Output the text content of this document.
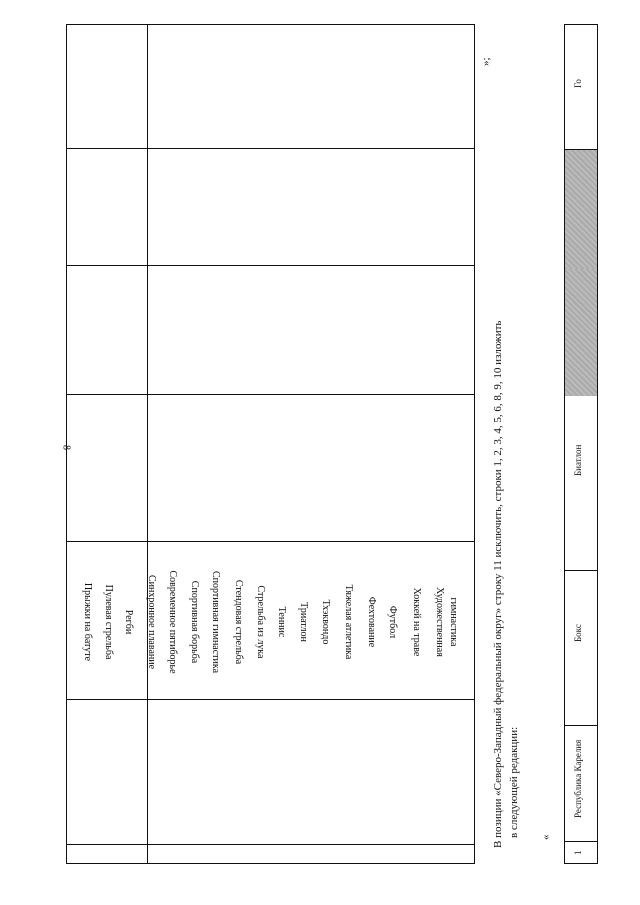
8
Прыжки на батуте Пулевая стрельба Регби Синхронное плавание Современное пятиборье Спортивная борьба Спортивная гимнастика Стендовая стрельба Стрельба из лука Теннис Триатлон Тхэквондо Тяжелая атлетика Фехтование Футбол Хоккей на траве Художественная гимнастика
»;
В позиции «Северо-Западный федеральный округ» строку 11 исключить, строки 1, 2, 3, 4, 5, 6, 8, 9, 10 изложить в следующей редакции: «
1
Республика Карелия
Бокс
Биатлон
Го
